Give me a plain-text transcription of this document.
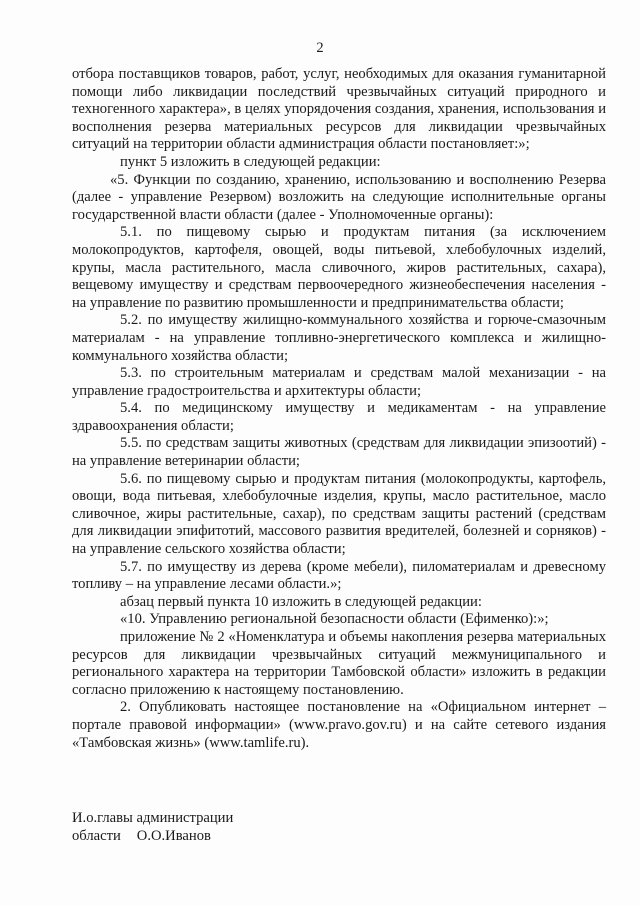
2

отбора поставщиков товаров, работ, услуг, необходимых для оказания гуманитарной помощи либо ликвидации последствий чрезвычайных ситуаций природного и техногенного характера», в целях упорядочения создания, хранения, использования и восполнения резерва материальных ресурсов для ликвидации чрезвычайных ситуаций на территории области администрация области постановляет:»;

пункт 5 изложить в следующей редакции:

«5. Функции по созданию, хранению, использованию и восполнению Резерва (далее - управление Резервом) возложить на следующие исполнительные органы государственной власти области (далее - Уполномоченные органы):

5.1. по пищевому сырью и продуктам питания (за исключением молокопродуктов, картофеля, овощей, воды питьевой, хлебобулочных изделий, крупы, масла растительного, масла сливочного, жиров растительных, сахара), вещевому имуществу и средствам первоочередного жизнеобеспечения населения - на управление по развитию промышленности и предпринимательства области;

5.2. по имуществу жилищно-коммунального хозяйства и горюче-смазочным материалам - на управление топливно-энергетического комплекса и жилищно-коммунального хозяйства области;

5.3. по строительным материалам и средствам малой механизации - на управление градостроительства и архитектуры области;

5.4. по медицинскому имуществу и медикаментам - на управление здравоохранения области;

5.5. по средствам защиты животных (средствам для ликвидации эпизоотий) - на управление ветеринарии области;

5.6. по пищевому сырью и продуктам питания (молокопродукты, картофель, овощи, вода питьевая, хлебобулочные изделия, крупы, масло растительное, масло сливочное, жиры растительные, сахар), по средствам защиты растений (средствам для ликвидации эпифитотий, массового развития вредителей, болезней и сорняков) - на управление сельского хозяйства области;

5.7. по имуществу из дерева (кроме мебели), пиломатериалам и древесному топливу – на управление лесами области.»;

абзац первый пункта 10 изложить в следующей редакции:

«10. Управлению региональной безопасности области (Ефименко):»;

приложение № 2 «Номенклатура и объемы накопления резерва материальных ресурсов для ликвидации чрезвычайных ситуаций межмуниципального и регионального характера на территории Тамбовской области» изложить в редакции согласно приложению к настоящему постановлению.

2. Опубликовать настоящее постановление на «Официальном интернет – портале правовой информации» (www.pravo.gov.ru) и на сайте сетевого издания «Тамбовская жизнь» (www.tamlife.ru).

И.о.главы администрации
области О.О.Иванов
